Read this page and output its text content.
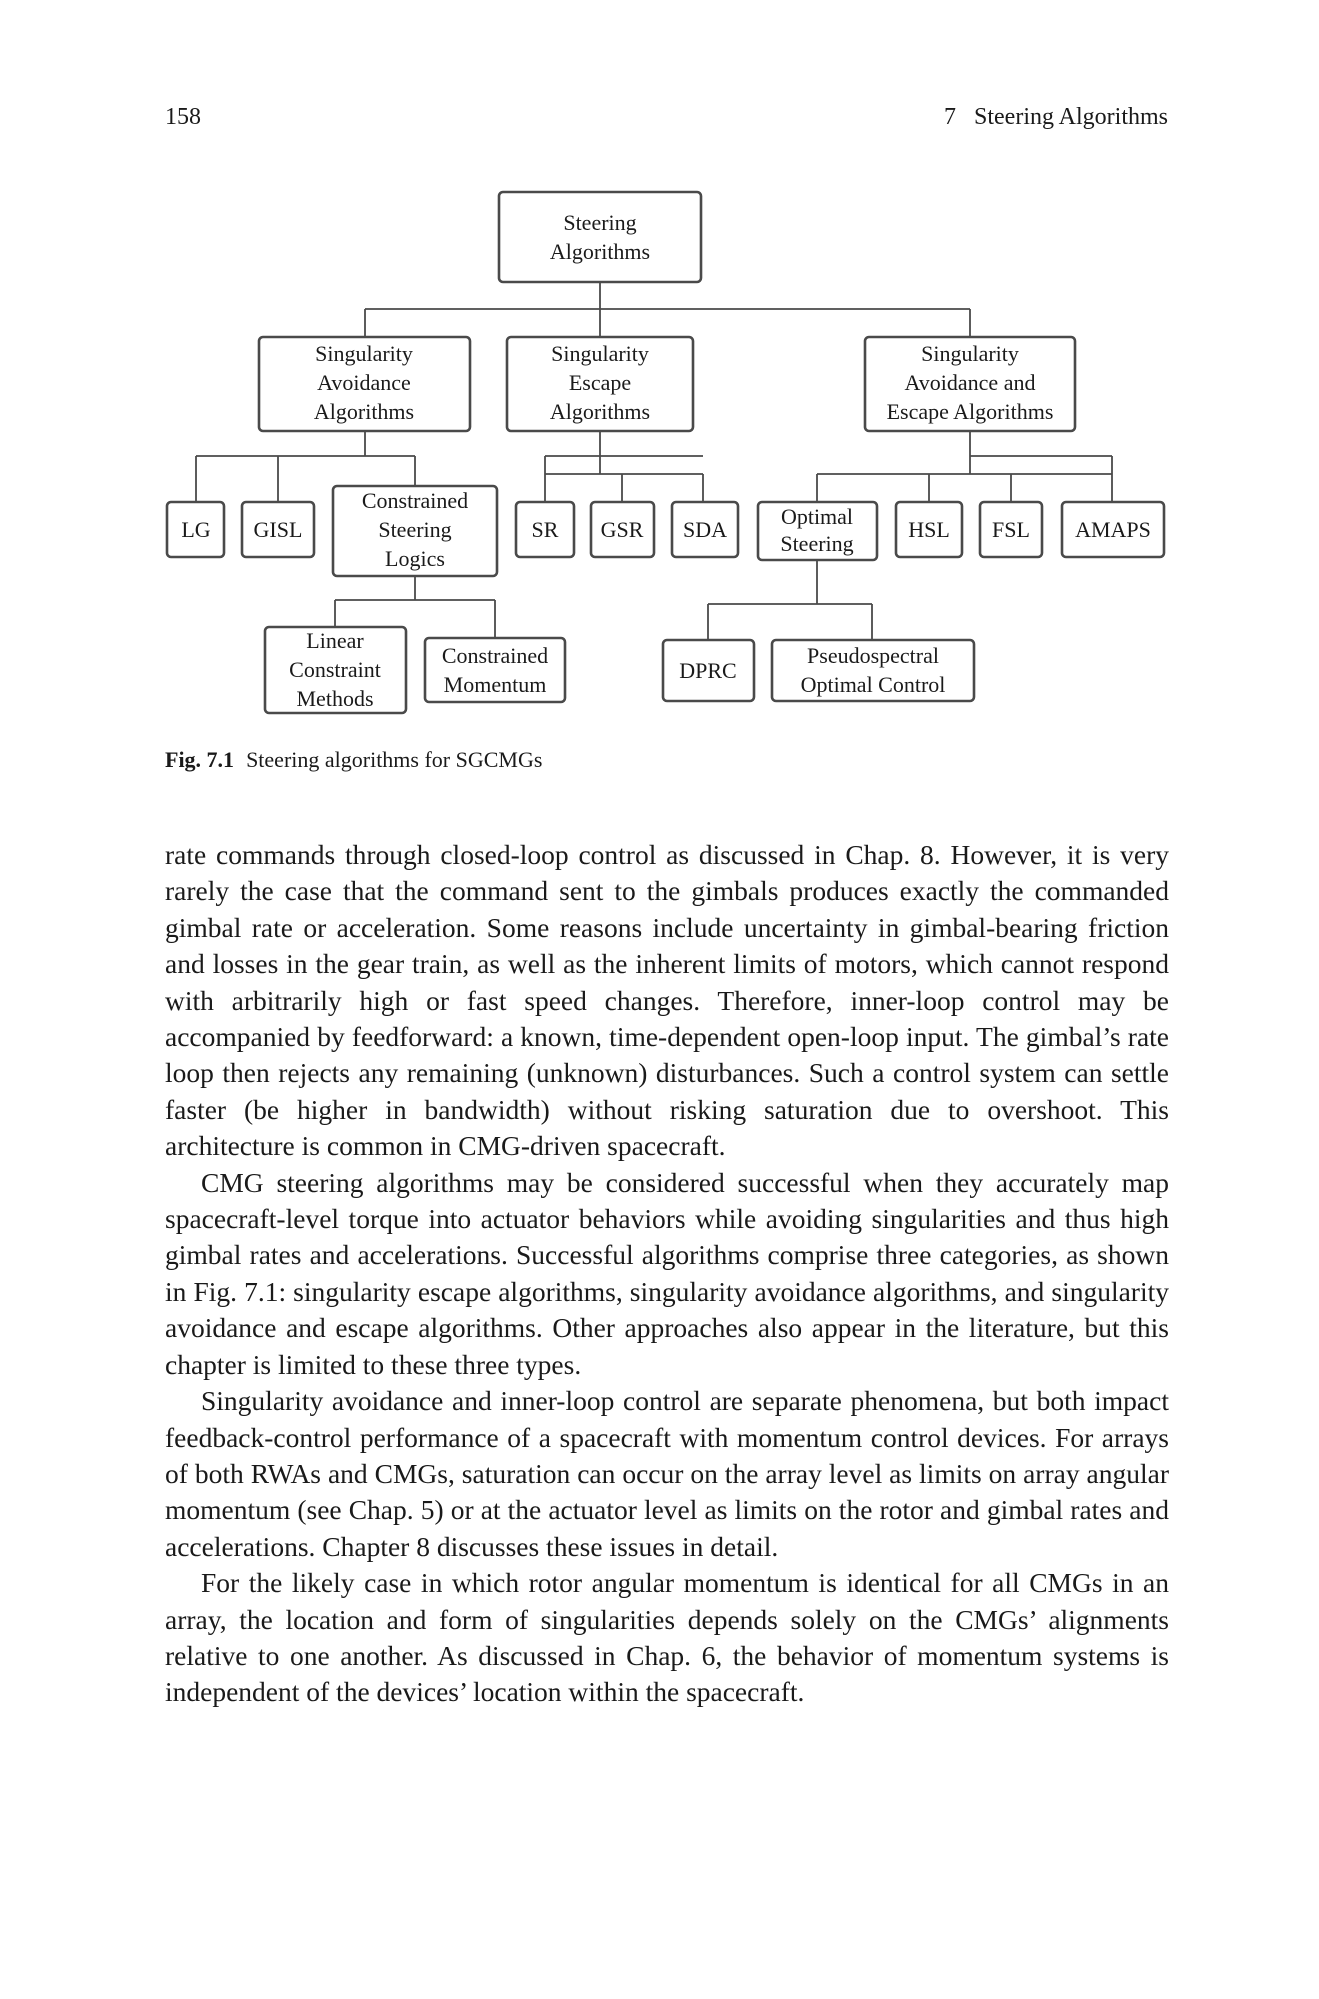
158	7   Steering Algorithms
Steering
Algorithms
Singularity
Avoidance
Algorithms
Singularity
Escape
Algorithms
Singularity
Avoidance and
Escape Algorithms
LG GISL
Constrained
Steering
Logics
SR GSR SDA
Optimal
Steering
HSL FSL AMAPS
Linear
Constraint
Methods
Constrained
Momentum
DPRC
Pseudospectral
Optimal Control
Fig. 7.1 Steering algorithms for SGCMGs

rate commands through closed-loop control as discussed in Chap. 8. However, it is very rarely the case that the command sent to the gimbals produces exactly the commanded gimbal rate or acceleration. Some reasons include uncertainty in gimbal-bearing friction and losses in the gear train, as well as the inherent limits of motors, which cannot respond with arbitrarily high or fast speed changes. Therefore, inner-loop control may be accompanied by feedforward: a known, time-dependent open-loop input. The gimbal’s rate loop then rejects any remaining (unknown) disturbances. Such a control system can settle faster (be higher in bandwidth) without risking saturation due to overshoot. This architecture is common in CMG-driven spacecraft.

CMG steering algorithms may be considered successful when they accurately map spacecraft-level torque into actuator behaviors while avoiding singularities and thus high gimbal rates and accelerations. Successful algorithms comprise three categories, as shown in Fig. 7.1: singularity escape algorithms, singularity avoidance algorithms, and singularity avoidance and escape algorithms. Other approaches also appear in the literature, but this chapter is limited to these three types.

Singularity avoidance and inner-loop control are separate phenomena, but both impact feedback-control performance of a spacecraft with momentum control devices. For arrays of both RWAs and CMGs, saturation can occur on the array level as limits on array angular momentum (see Chap. 5) or at the actuator level as limits on the rotor and gimbal rates and accelerations. Chapter 8 discusses these issues in detail.

For the likely case in which rotor angular momentum is identical for all CMGs in an array, the location and form of singularities depends solely on the CMGs’ alignments relative to one another. As discussed in Chap. 6, the behavior of momentum systems is independent of the devices’ location within the spacecraft.
